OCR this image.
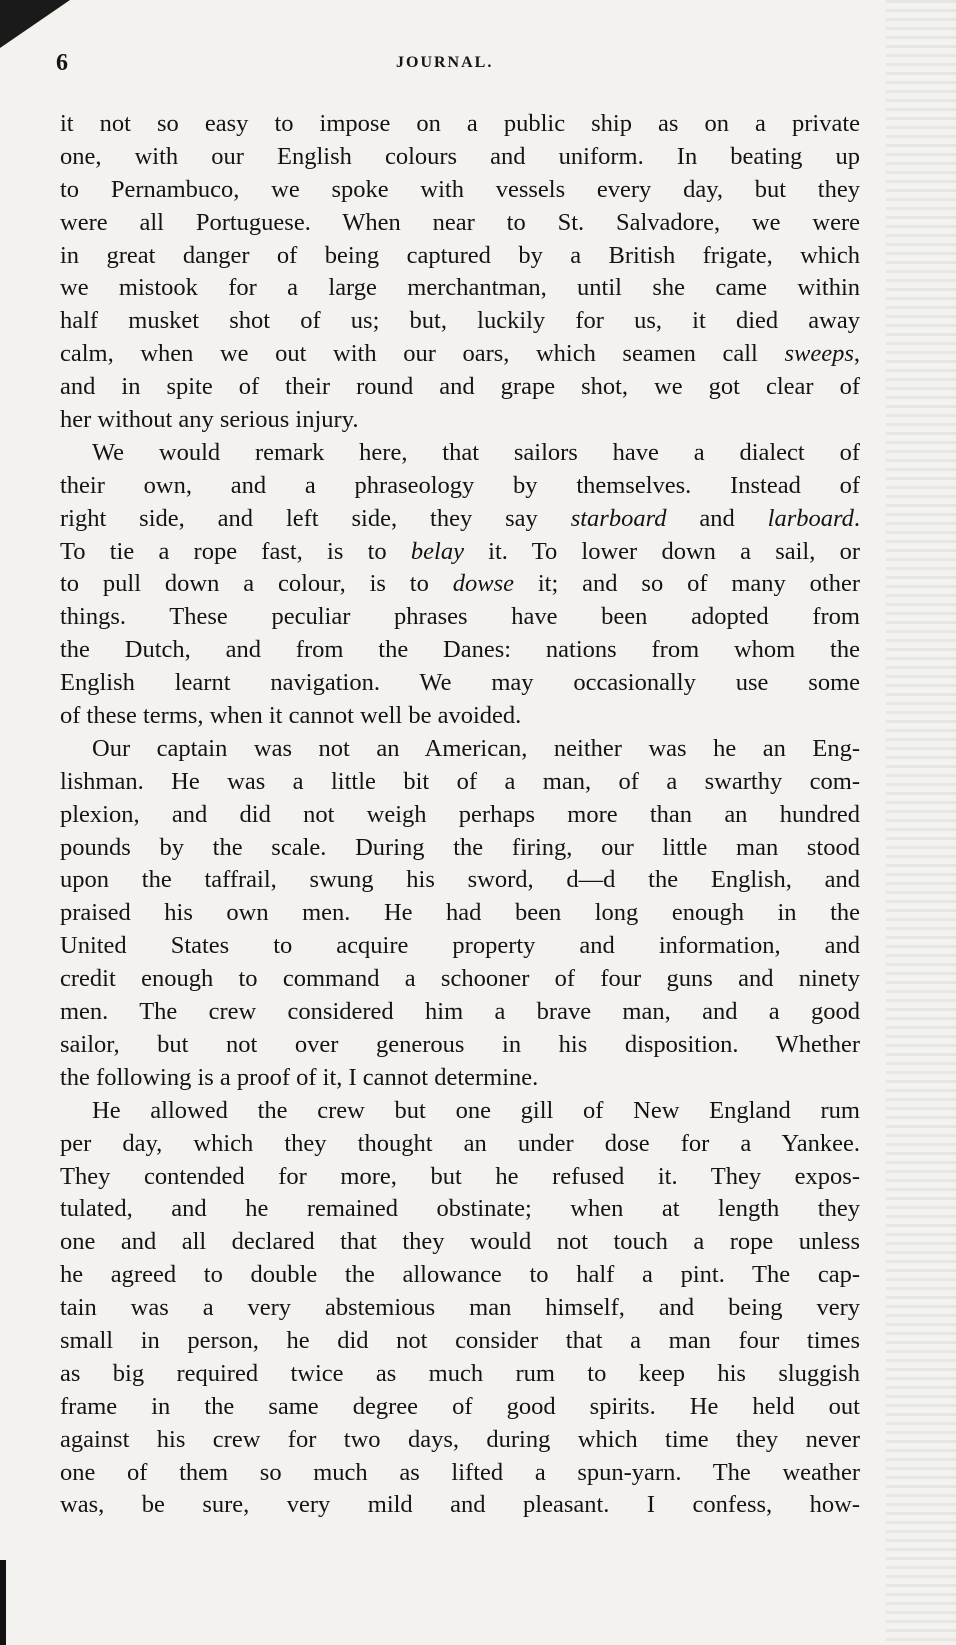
6	JOURNAL.
it not so easy to impose on a public ship as on a private
one, with our English colours and uniform. In beating up
to Pernambuco, we spoke with vessels every day, but they
were all Portuguese. When near to St. Salvadore, we were
in great danger of being captured by a British frigate, which
we mistook for a large merchantman, until she came within
half musket shot of us; but, luckily for us, it died away
calm, when we out with our oars, which seamen call sweeps,
and in spite of their round and grape shot, we got clear of
her without any serious injury.
We would remark here, that sailors have a dialect of
their own, and a phraseology by themselves. Instead of
right side, and left side, they say starboard and larboard.
To tie a rope fast, is to belay it. To lower down a sail, or
to pull down a colour, is to dowse it; and so of many other
things. These peculiar phrases have been adopted from
the Dutch, and from the Danes: nations from whom the
English learnt navigation. We may occasionally use some
of these terms, when it cannot well be avoided.
Our captain was not an American, neither was he an Eng-
lishman. He was a little bit of a man, of a swarthy com-
plexion, and did not weigh perhaps more than an hundred
pounds by the scale. During the firing, our little man stood
upon the taffrail, swung his sword, d—d the English, and
praised his own men. He had been long enough in the
United States to acquire property and information, and
credit enough to command a schooner of four guns and ninety
men. The crew considered him a brave man, and a good
sailor, but not over generous in his disposition. Whether
the following is a proof of it, I cannot determine.
He allowed the crew but one gill of New England rum
per day, which they thought an under dose for a Yankee.
They contended for more, but he refused it. They expos-
tulated, and he remained obstinate; when at length they
one and all declared that they would not touch a rope unless
he agreed to double the allowance to half a pint. The cap-
tain was a very abstemious man himself, and being very
small in person, he did not consider that a man four times
as big required twice as much rum to keep his sluggish
frame in the same degree of good spirits. He held out
against his crew for two days, during which time they never
one of them so much as lifted a spun-yarn. The weather
was, be sure, very mild and pleasant. I confess, how-
